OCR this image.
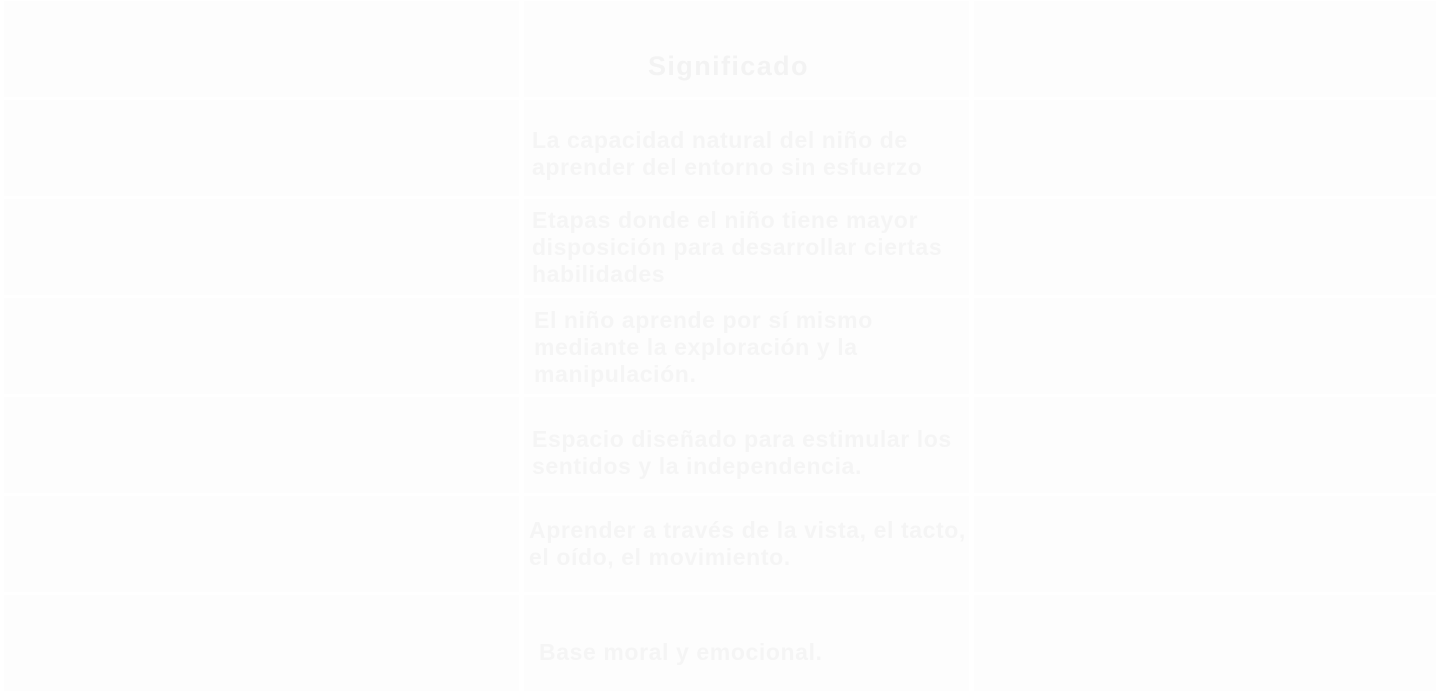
Significado
La capacidad natural del niño de aprender del entorno sin esfuerzo
Etapas donde el niño tiene mayor disposición para desarrollar ciertas habilidades
El niño aprende por sí mismo mediante la exploración y la manipulación.
Espacio diseñado para estimular los sentidos y la independencia.
Aprender a través de la vista, el tacto, el oído, el movimiento.
Base moral y emocional.
